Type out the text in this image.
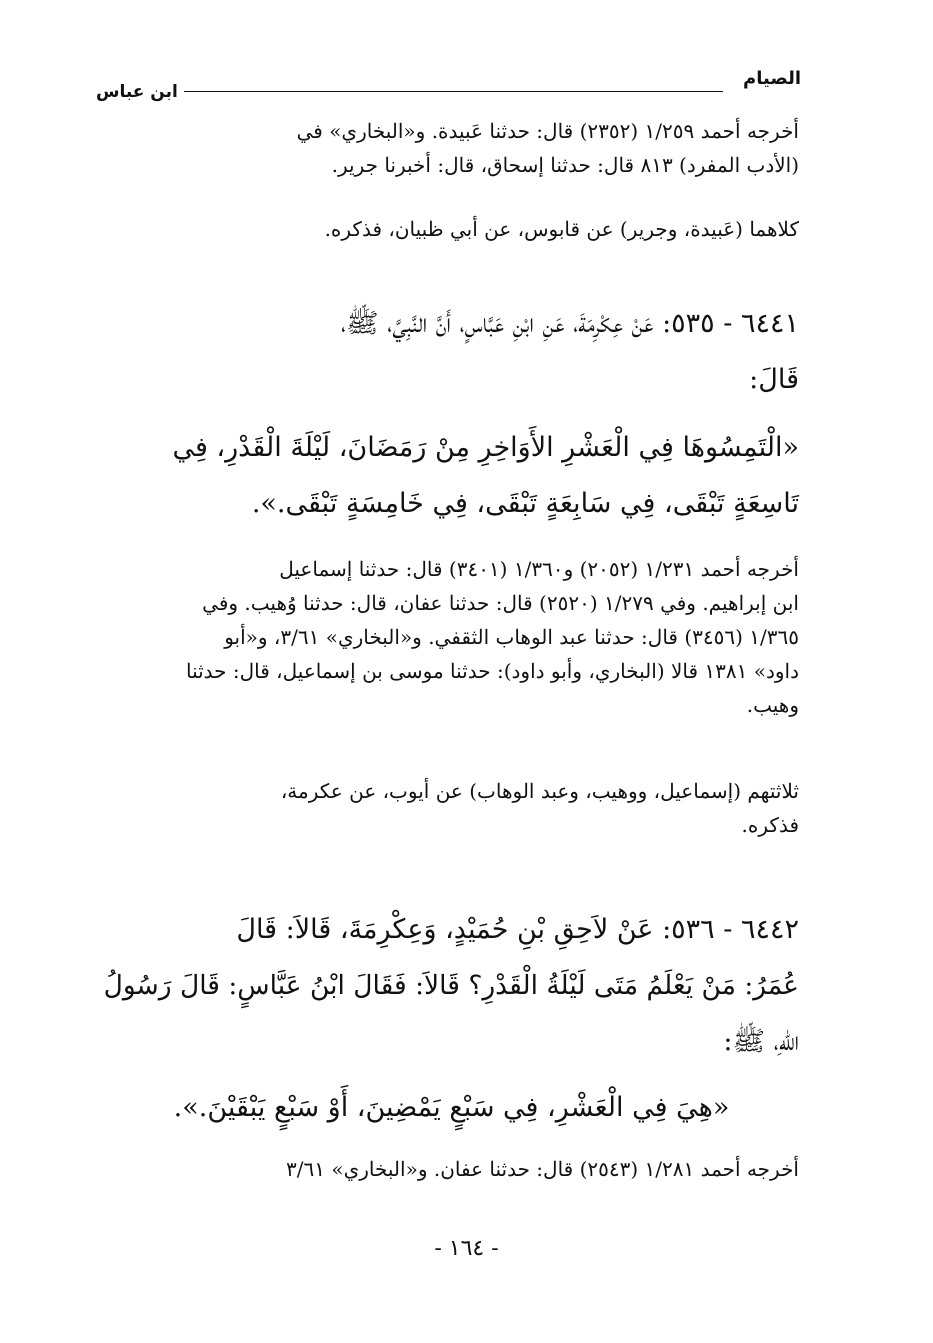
الصيام
ابن عباس
أخرجه أحمد ١/٢٥٩ (٢٣٥٢) قال: حدثنا عَبيدة. و«البخاري» في
(الأدب المفرد) ٨١٣ قال: حدثنا إسحاق، قال: أخبرنا جرير.
كلاهما (عَبيدة، وجرير) عن قابوس، عن أبي ظبيان، فذكره.
٦٤٤١ - ٥٣٥: عَنْ عِكْرِمَةَ، عَنِ ابْنِ عَبَّاسٍ، أَنَّ النَّبِيَّ، ﷺ،
قَالَ:
«الْتَمِسُوهَا فِي الْعَشْرِ الأَوَاخِرِ مِنْ رَمَضَانَ، لَيْلَةَ الْقَدْرِ، فِي
تَاسِعَةٍ تَبْقَى، فِي سَابِعَةٍ تَبْقَى، فِي خَامِسَةٍ تَبْقَى.».
أخرجه أحمد ١/٢٣١ (٢٠٥٢) و١/٣٦٠ (٣٤٠١) قال: حدثنا إسماعيل
ابن إبراهيم. وفي ١/٢٧٩ (٢٥٢٠) قال: حدثنا عفان، قال: حدثنا وُهيب. وفي
١/٣٦٥ (٣٤٥٦) قال: حدثنا عبد الوهاب الثقفي. و«البخاري» ٣/٦١، و«أبو
داود» ١٣٨١ قالا (البخاري، وأبو داود): حدثنا موسى بن إسماعيل، قال: حدثنا
وهيب.
ثلاثتهم (إسماعيل، ووهيب، وعبد الوهاب) عن أيوب، عن عكرمة،
فذكره.
٦٤٤٢ - ٥٣٦: عَنْ لاَحِقِ بْنِ حُمَيْدٍ، وَعِكْرِمَةَ، قَالاَ: قَالَ
عُمَرُ: مَنْ يَعْلَمُ مَتَى لَيْلَةُ الْقَدْرِ؟ قَالاَ: فَقَالَ ابْنُ عَبَّاسٍ: قَالَ رَسُولُ
اللهِ، ﷺ:
«هِيَ فِي الْعَشْرِ، فِي سَبْعٍ يَمْضِينَ، أَوْ سَبْعٍ يَبْقَيْنَ.».
أخرجه أحمد ١/٢٨١ (٢٥٤٣) قال: حدثنا عفان. و«البخاري» ٣/٦١
- ١٦٤ -
